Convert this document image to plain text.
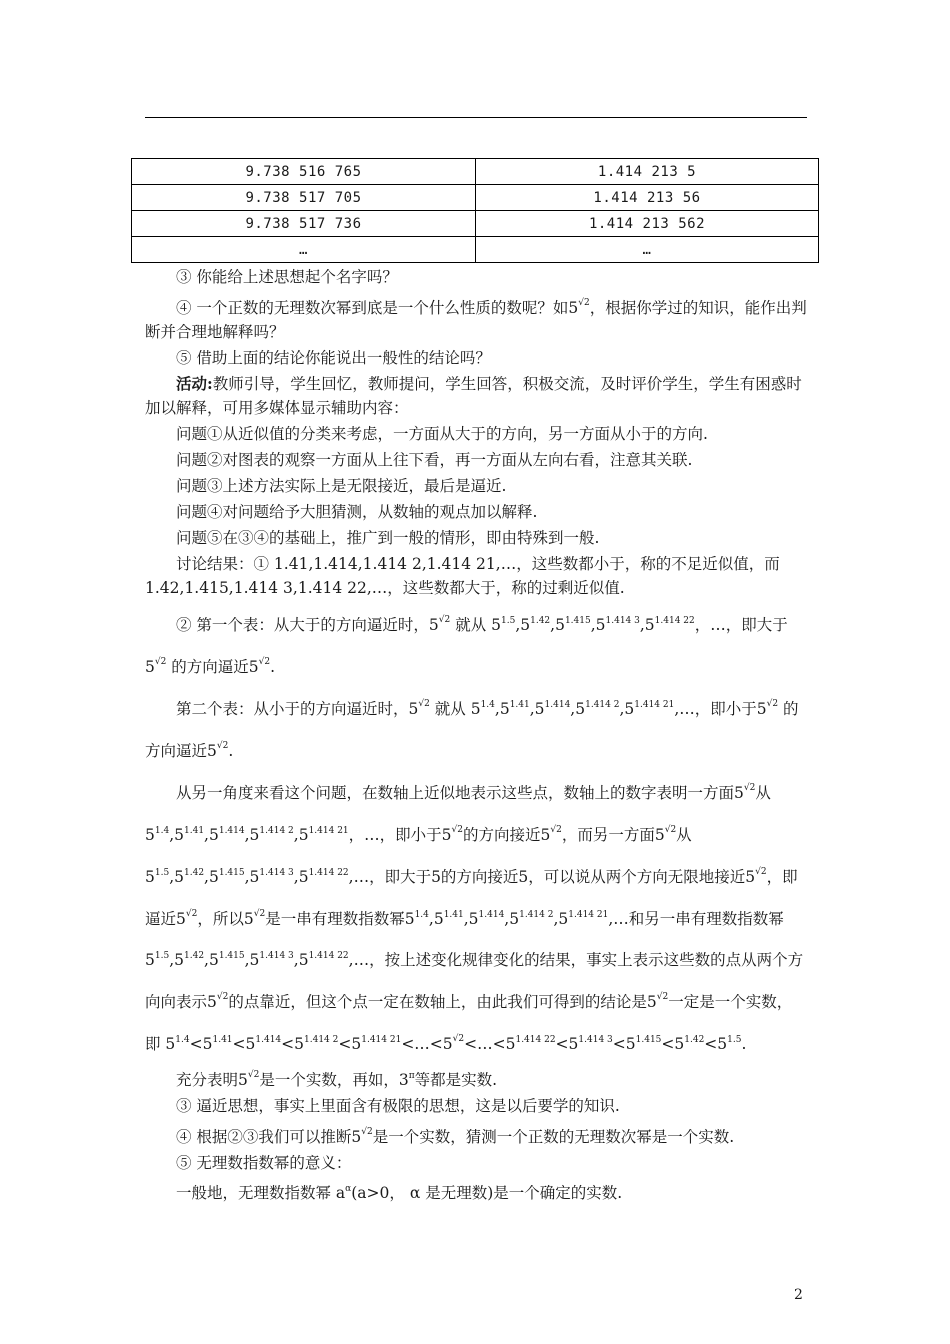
9.738 516 765	1.414 213 5
9.738 517 705	1.414 213 56
9.738 517 736	1.414 213 562
…	…
③ 你能给上述思想起个名字吗？
④ 一个正数的无理数次幂到底是一个什么性质的数呢？如$5^{√2}$，根据你学过的知识，能作出判断并合理地解释吗？
⑤ 借助上面的结论你能说出一般性的结论吗？
活动:教师引导，学生回忆，教师提问，学生回答，积极交流，及时评价学生，学生有困惑时加以解释，可用多媒体显示辅助内容：
问题①从近似值的分类来考虑，一方面从大于的方向，另一方面从小于的方向.
问题②对图表的观察一方面从上往下看，再一方面从左向右看，注意其关联.
问题③上述方法实际上是无限接近，最后是逼近.
问题④对问题给予大胆猜测，从数轴的观点加以解释.
问题⑤在③④的基础上，推广到一般的情形，即由特殊到一般.
讨论结果：① 1.41,1.414,1.414 2,1.414 21,…，这些数都小于，称的不足近似值，而1.42,1.415,1.414 3,1.414 22,…，这些数都大于，称的过剩近似值.
② 第一个表：从大于的方向逼近时，$5^{√2}$ 就从 $5^{1.5},5^{1.42},5^{1.415},5^{1.414 3},5^{1.414 22}$，…，即大于$5^{√2}$ 的方向逼近$5^{√2}$.
第二个表：从小于的方向逼近时，$5^{√2}$ 就从 $5^{1.4},5^{1.41},5^{1.414},5^{1.414 2},5^{1.414 21},\dots$，即小于$5^{√2}$ 的方向逼近$5^{√2}$.
从另一角度来看这个问题，在数轴上近似地表示这些点，数轴上的数字表明一方面$5^{√2}$从 $5^{1.4},5^{1.41},5^{1.414},5^{1.414 2},5^{1.414 21}$，…，即小于$5^{√2}$的方向接近$5^{√2}$，而另一方面$5^{√2}$从$5^{1.5},5^{1.42},5^{1.415},5^{1.414 3},5^{1.414 22},\dots$，即大于5的方向接近5，可以说从两个方向无限地接近$5^{√2}$，即逼近$5^{√2}$，所以$5^{√2}$是一串有理数指数幂$5^{1.4},5^{1.41},5^{1.414},5^{1.414 2},5^{1.414 21},\dots$和另一串有理数指数幂 $5^{1.5},5^{1.42},5^{1.415},5^{1.414 3},5^{1.414 22},\dots$，按上述变化规律变化的结果，事实上表示这些数的点从两个方向向表示$5^{√2}$的点靠近，但这个点一定在数轴上，由此我们可得到的结论是$5^{√2}$一定是一个实数，即 $5^{1.4}<5^{1.41}<5^{1.414}<5^{1.414 2}<5^{1.414 21}<\dots<5^{√2}<\dots<5^{1.414 22}<5^{1.414 3}<5^{1.415}<5^{1.42}<5^{1.5}$.
充分表明$5^{√2}$是一个实数，再如，$3^\pi$等都是实数.
③ 逼近思想，事实上里面含有极限的思想，这是以后要学的知识.
④ 根据②③我们可以推断$5^{√2}$是一个实数，猜测一个正数的无理数次幂是一个实数.
⑤ 无理数指数幂的意义：
一般地，无理数指数幂 $a^\alpha(a>0$， α 是无理数)是一个确定的实数.
2
